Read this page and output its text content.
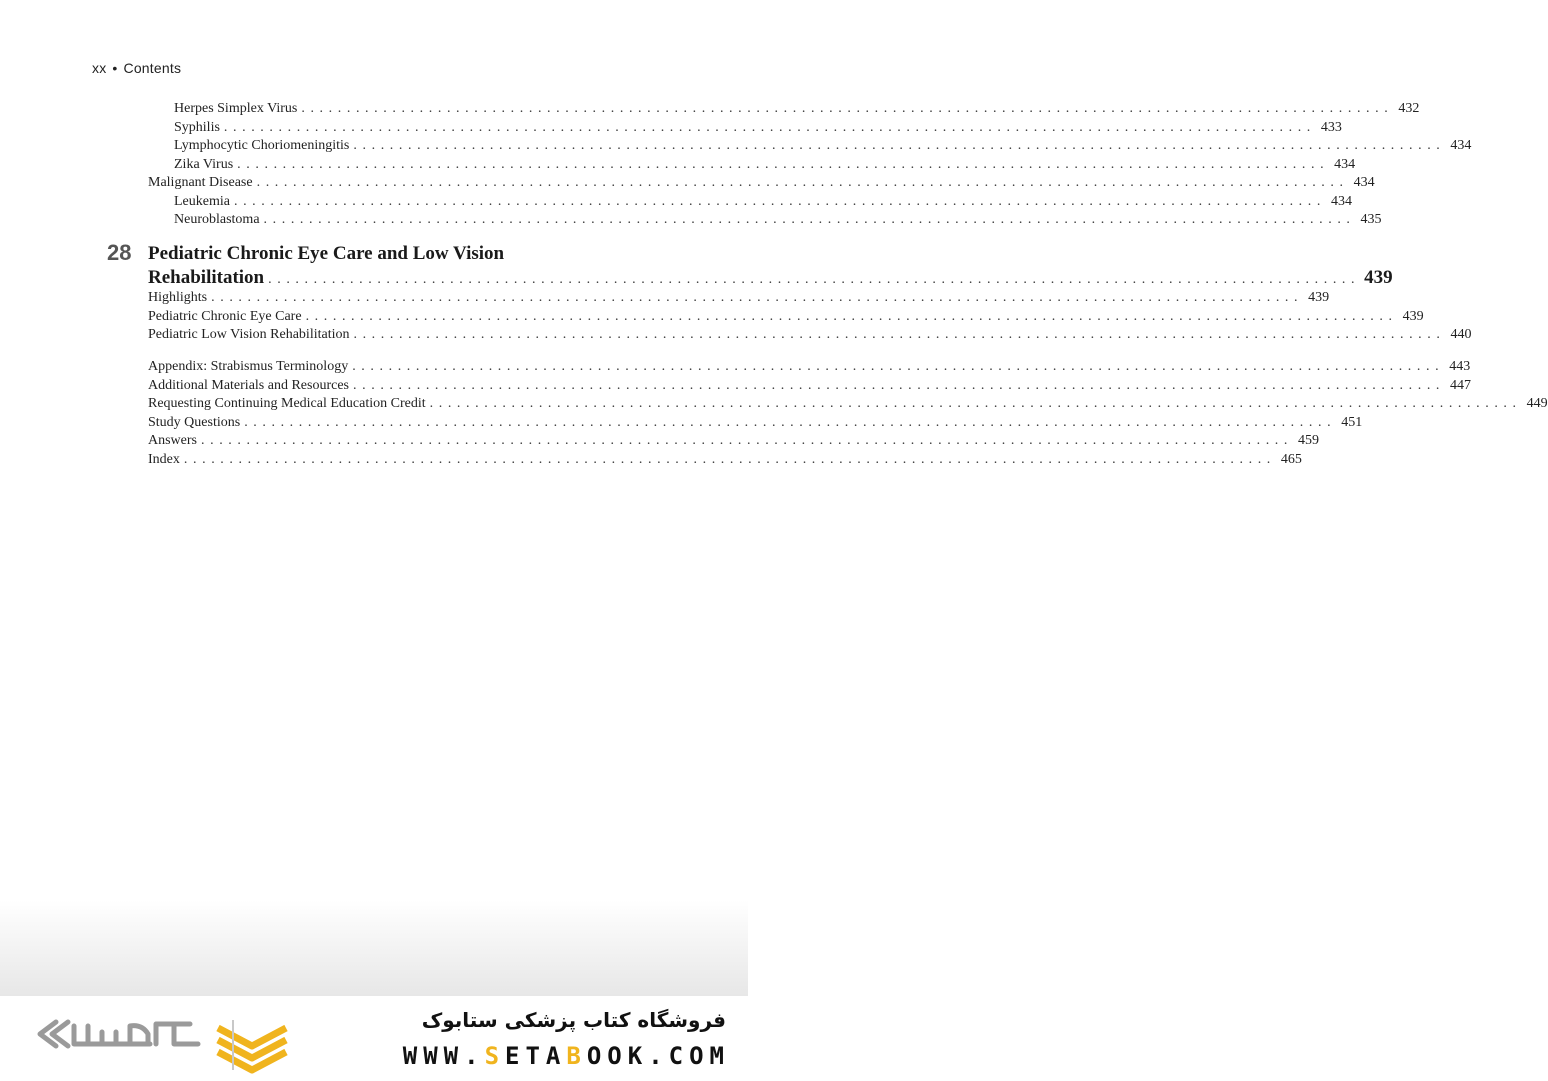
xx • Contents
Herpes Simplex Virus ........................................................................................................................ 432
Syphilis ........................................................................................................................ 433
Lymphocytic Choriomeningitis ........................................................................................................................ 434
Zika Virus ........................................................................................................................ 434
Malignant Disease ........................................................................................................................ 434
Leukemia ........................................................................................................................ 434
Neuroblastoma ........................................................................................................................ 435
28 Pediatric Chronic Eye Care and Low Vision
Rehabilitation ........................................................................................................................ 439
Highlights ........................................................................................................................ 439
Pediatric Chronic Eye Care ........................................................................................................................ 439
Pediatric Low Vision Rehabilitation ........................................................................................................................ 440
Appendix: Strabismus Terminology ........................................................................................................................ 443
Additional Materials and Resources ........................................................................................................................ 447
Requesting Continuing Medical Education Credit ........................................................................................................................ 449
Study Questions ........................................................................................................................ 451
Answers ........................................................................................................................ 459
Index ........................................................................................................................ 465
فروشگاه کتاب پزشکی ستابوک
WWW.SETABOOK.COM
